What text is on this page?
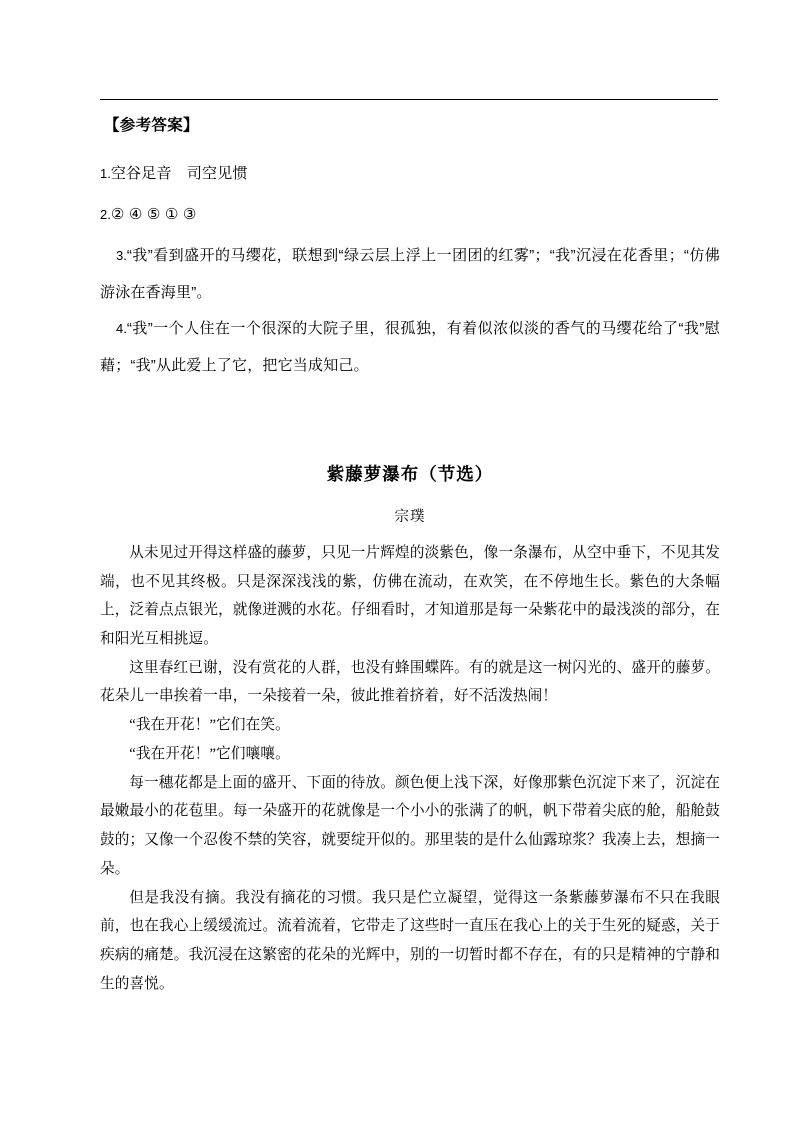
【参考答案】

1.空谷足音　司空见惯

2.② ④ ⑤ ① ③

3.“我”看到盛开的马缨花，联想到“绿云层上浮上一团团的红雾”；“我”沉浸在花香里；“仿佛游泳在香海里”。

4.“我”一个人住在一个很深的大院子里，很孤独，有着似浓似淡的香气的马缨花给了“我”慰藉；“我”从此爱上了它，把它当成知己。

紫藤萝瀑布（节选）
宗璞

从未见过开得这样盛的藤萝，只见一片辉煌的淡紫色，像一条瀑布，从空中垂下，不见其发端，也不见其终极。只是深深浅浅的紫，仿佛在流动，在欢笑，在不停地生长。紫色的大条幅上，泛着点点银光，就像迸溅的水花。仔细看时，才知道那是每一朵紫花中的最浅淡的部分，在和阳光互相挑逗。

这里春红已谢，没有赏花的人群，也没有蜂围蝶阵。有的就是这一树闪光的、盛开的藤萝。花朵儿一串挨着一串，一朵接着一朵，彼此推着挤着，好不活泼热闹！

“我在开花！”它们在笑。

“我在开花！”它们嚷嚷。

每一穗花都是上面的盛开、下面的待放。颜色便上浅下深，好像那紫色沉淀下来了，沉淀在最嫩最小的花苞里。每一朵盛开的花就像是一个小小的张满了的帆，帆下带着尖底的舱，船舱鼓鼓的；又像一个忍俊不禁的笑容，就要绽开似的。那里装的是什么仙露琼浆？我凑上去，想摘一朵。

但是我没有摘。我没有摘花的习惯。我只是伫立凝望，觉得这一条紫藤萝瀑布不只在我眼前，也在我心上缓缓流过。流着流着，它带走了这些时一直压在我心上的关于生死的疑惑，关于疾病的痛楚。我沉浸在这繁密的花朵的光辉中，别的一切暂时都不存在，有的只是精神的宁静和生的喜悦。
